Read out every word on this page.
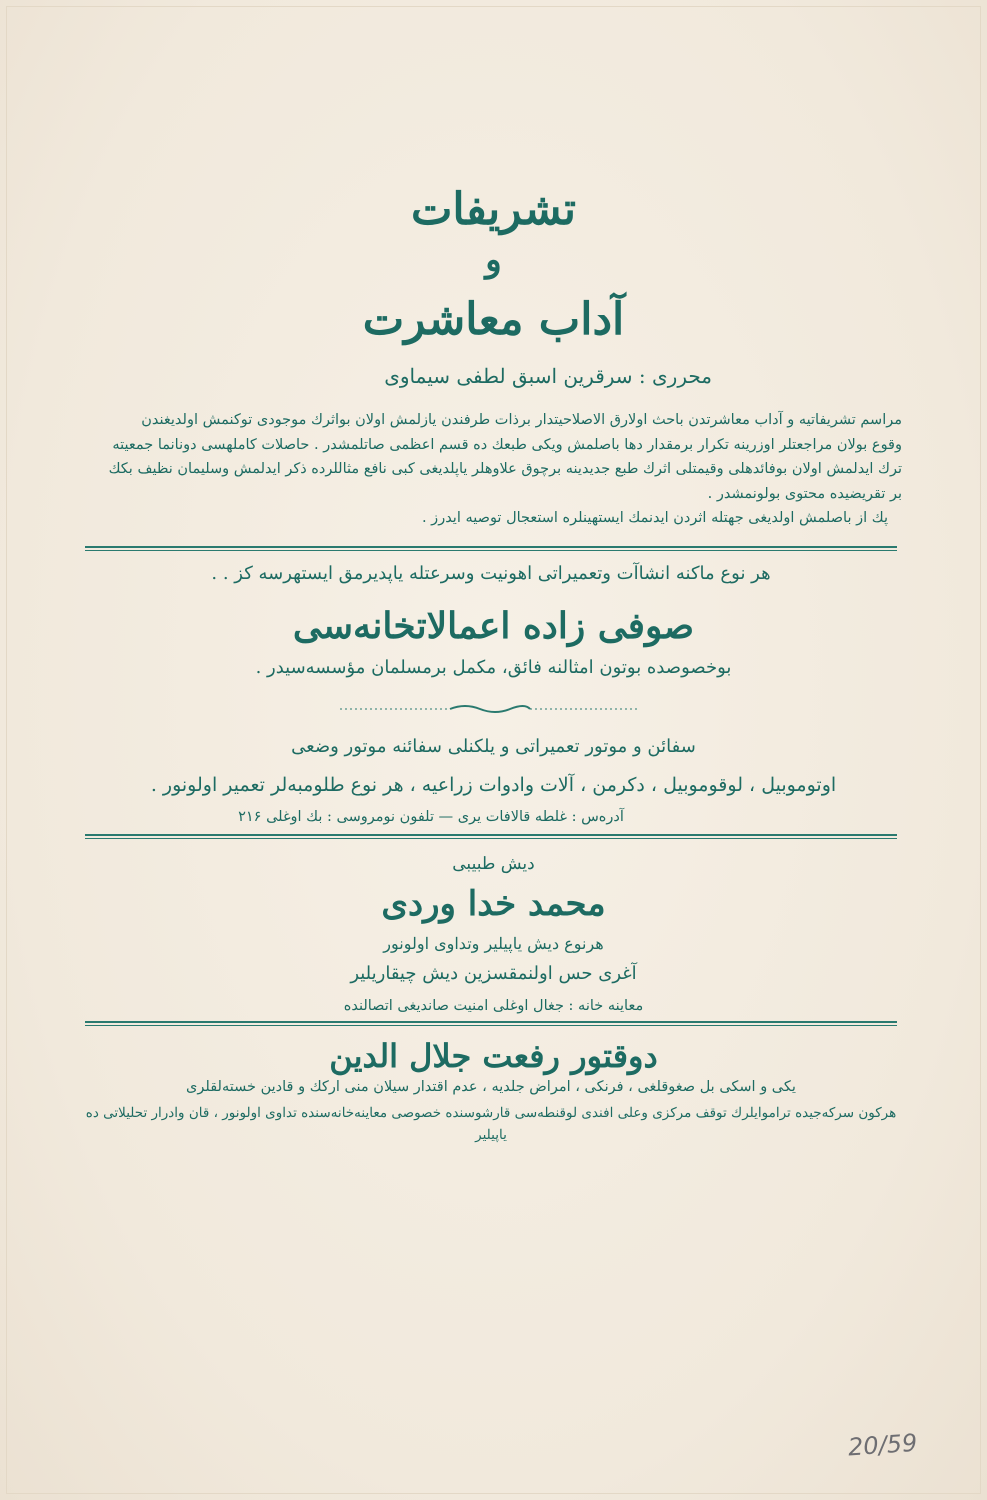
تشریفات
و
آداب معاشرت
محرری : سرقرین اسبق لطفی سیماوی

مراسم تشریفاتیه و آداب معاشرتدن باحث اولارق الاصلاحیتدار برذات طرفندن یازلمش اولان بواثرك موجودی توكنمش اولدیغندن

وقوع بولان مراجعتلر اوزرینه تكرار برمقدار دها باصلمش ویكی طبعك ده قسم اعظمی صاتلمشدر . حاصلات كاملهسی دونانما جمعیته

ترك ایدلمش اولان بوفائدهلی وقیمتلی اثرك طبع جدیدینه برچوق علاوهلر یاپلدیغی كبی نافع مثاللرده ذكر ایدلمش وسلیمان نظیف بكك

بر تقریضیده محتوی بولونمشدر .

پك از باصلمش اولدیغی جهتله اثردن ایدنمك ایستهینلره استعجال توصیه ایدرز .

هر نوع ماكنه انشاآت وتعمیراتی اهونیت وسرعتله یاپدیرمق ایستهرسه كز . .
صوفی زاده اعمالاتخانه‌سی
بوخصوصده بوتون امثالنه فائق، مكمل برمسلمان مؤسسه‌سیدر .
سفائن و موتور تعمیراتی و یلكنلی سفائنه موتور وضعی
اوتوموبیل ، لوقوموبیل ، دكرمن ، آلات وادوات زراعیه ، هر نوع طلومبه‌لر تعمیر اولونور .
آدرەس : غلطه قالافات یری — تلفون نومروسی : بك اوغلی ۲۱۶
دیش طبیبی
محمد خدا وردی
هرنوع دیش یاپیلیر وتداوی اولونور
آغری حس اولنمقسزین دیش چیقاریلیر
معاینه خانه : جغال اوغلی امنیت صاندیغی اتصالنده
دوقتور رفعت جلال الدین
یكی و اسكی بل صغوقلغی ، فرنكی ، امراض جلدیه ، عدم اقتدار سیلان منی اركك و قادین خسته‌لقلری
هركون سركه‌جیده تراموایلرك توقف مركزی وعلی افندی لوقنطه‌سی قارشوسنده خصوصی معاینه‌خانه‌سنده تداوی اولونور ، قان وادرار تحلیلاتی ده یاپیلیر
20/59
